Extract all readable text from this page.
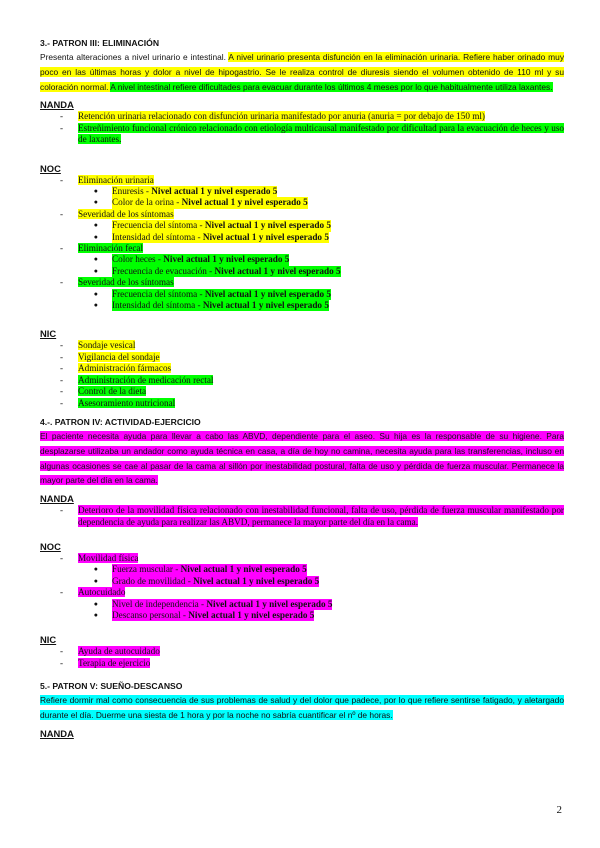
3.- PATRON III: ELIMINACIÓN

Presenta alteraciones a nivel urinario e intestinal. A nivel urinario presenta disfunción en la eliminación urinaria. Refiere haber orinado muy poco en las últimas horas y dolor a nivel de hipogastrio. Se le realiza control de diuresis siendo el volumen obtenido de 110 ml y su coloración normal. A nivel intestinal refiere dificultades para evacuar durante los últimos 4 meses por lo que habitualmente utiliza laxantes.

NANDA
-	Retención urinaria relacionado con disfunción urinaria manifestado por anuria (anuria = por debajo de 150 ml)
-	Estreñimiento funcional crónico relacionado con etiología multicausal manifestado por dificultad para la evacuación de heces y uso de laxantes.
NOC
-	Eliminación urinaria
●	Enuresis - Nivel actual 1 y nivel esperado 5
●	Color de la orina - Nivel actual 1 y nivel esperado 5
-	Severidad de los síntomas
●	Frecuencia del síntoma - Nivel actual 1 y nivel esperado 5
●	Intensidad del síntoma - Nivel actual 1 y nivel esperado 5
-	Eliminación fecal
●	Color heces - Nivel actual 1 y nivel esperado 5
●	Frecuencia de evacuación - Nivel actual 1 y nivel esperado 5
-	Severidad de los síntomas
●	Frecuencia del síntoma - Nivel actual 1 y nivel esperado 5
●	Intensidad del síntoma - Nivel actual 1 y nivel esperado 5
NIC
-	Sondaje vesical
-	Vigilancia del sondaje
-	Administración fármacos
-	Administración de medicación rectal
-	Control de la dieta
-	Asesoramiento nutricional
4.-. PATRON IV: ACTIVIDAD-EJERCICIO

El paciente necesita ayuda para llevar a cabo las ABVD, dependiente para el aseo. Su hija es la responsable de su higiene. Para desplazarse utilizaba un andador como ayuda técnica en casa, a día de hoy no camina, necesita ayuda para las transferencias, incluso en algunas ocasiones se cae al pasar de la cama al sillón por inestabilidad postural, falta de uso y pérdida de fuerza muscular. Permanece la mayor parte del día en la cama.

NANDA
-	Deterioro de la movilidad física relacionado con inestabilidad funcional, falta de uso, pérdida de fuerza muscular manifestado por dependencia de ayuda para realizar las ABVD, permanece la mayor parte del día en la cama.
NOC
-	Movilidad física
●	Fuerza muscular - Nivel actual 1 y nivel esperado 5
●	Grado de movilidad - Nivel actual 1 y nivel esperado 5
-	Autocuidado
●	Nivel de independencia - Nivel actual 1 y nivel esperado 5
●	Descanso personal - Nivel actual 1 y nivel esperado 5
NIC
-	Ayuda de autocuidado
-	Terapia de ejercicio
5.- PATRON V: SUEÑO-DESCANSO

Refiere dormir mal como consecuencia de sus problemas de salud y del dolor que padece, por lo que refiere sentirse fatigado, y aletargado durante el día. Duerme una siesta de 1 hora y por la noche no sabría cuantificar el nº de horas.

NANDA
2
